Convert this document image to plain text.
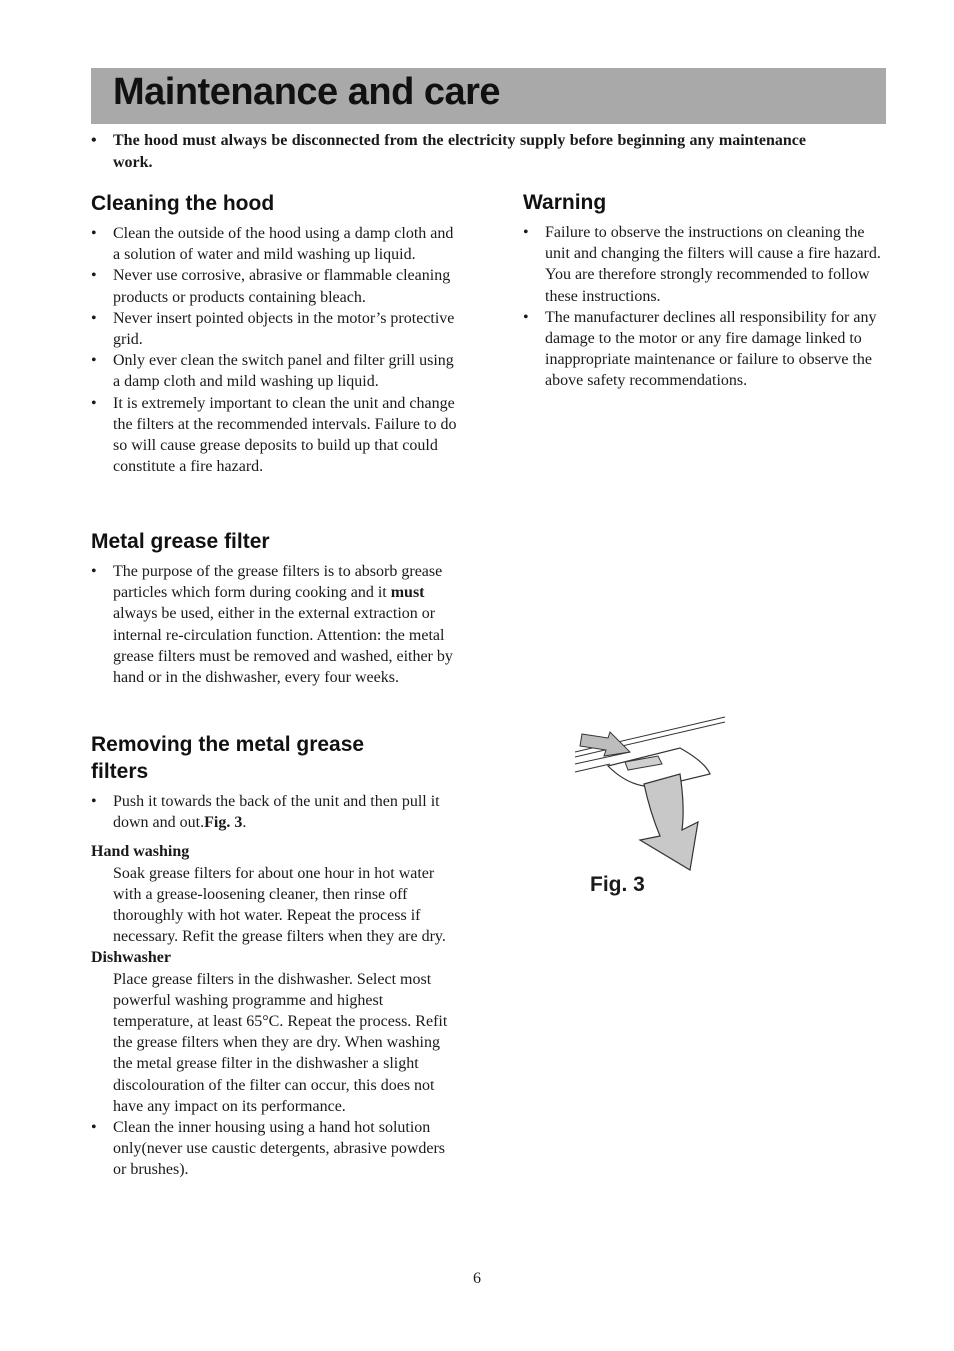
Maintenance and care
•	The hood must always be disconnected from the electricity supply before beginning any maintenance work.
Cleaning the hood
• Clean the outside of the hood using a damp cloth and a solution of water and mild washing up liquid.
• Never use corrosive, abrasive or flammable cleaning products or products containing bleach.
• Never insert pointed objects in the motor’s protective grid.
• Only ever clean the switch panel and filter grill using a damp cloth and mild washing up liquid.
• It is extremely important to clean the unit and change the filters at the recommended intervals. Failure to do so will cause grease deposits to build up that could constitute a fire hazard.
Metal grease filter
• The purpose of the grease filters is to absorb grease particles which form during cooking and it must always be used, either in the external extraction or internal re-circulation function. Attention: the metal grease filters must be removed and washed, either by hand or in the dishwasher, every four weeks.
Removing the metal grease filters
• Push it towards the back of the unit and then pull it down and out.Fig. 3.
Hand washing
Soak grease filters for about one hour in hot water with a grease-loosening cleaner, then rinse off thoroughly with hot water. Repeat the process if necessary. Refit the grease filters when they are dry.
Dishwasher
Place grease filters in the dishwasher. Select most powerful washing programme and highest temperature, at least 65°C. Repeat the process. Refit the grease filters when they are dry. When washing the metal grease filter in the dishwasher a slight discolouration of the filter can occur, this does not have any impact on its performance.
• Clean the inner housing using a hand hot solution only(never use caustic detergents, abrasive powders or brushes).
Warning
• Failure to observe the instructions on cleaning the unit and changing the filters will cause a fire hazard. You are therefore strongly recommended to follow these instructions.
• The manufacturer declines all responsibility for any damage to the motor or any fire damage linked to inappropriate maintenance or failure to observe the above safety recommendations.
Fig. 3
6
